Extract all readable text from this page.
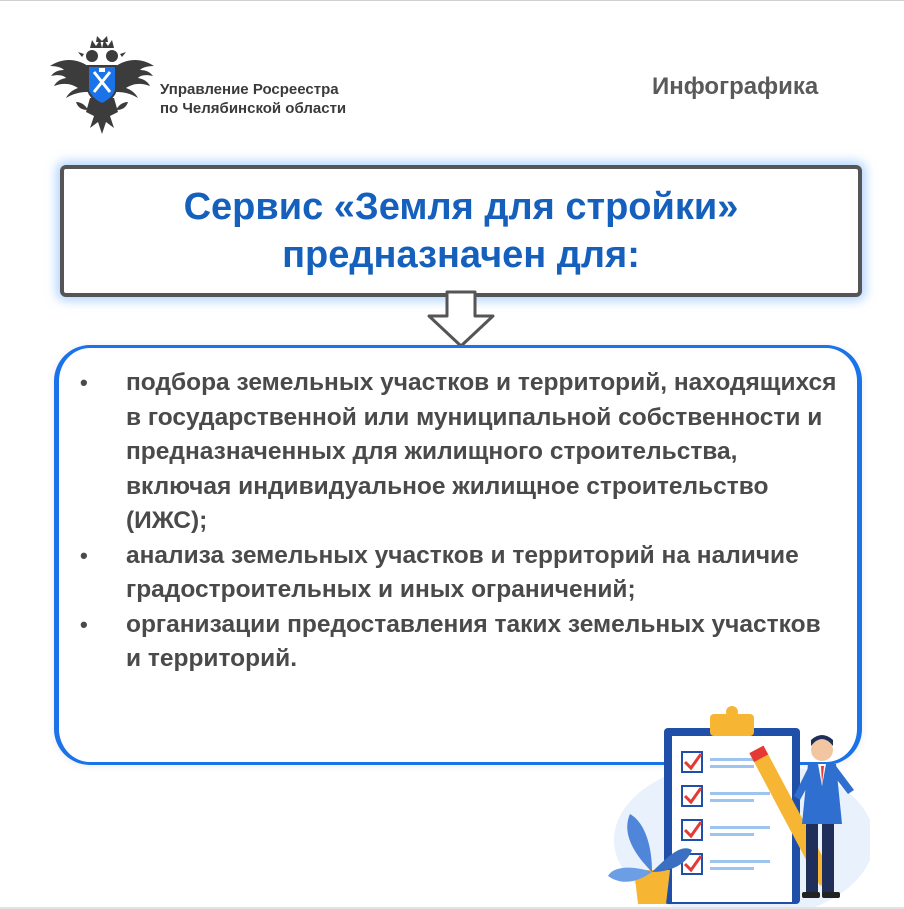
Управление Росреестра
по Челябинской области
Инфографика
Сервис «Земля для стройки»
предназначен для:
•	подбора земельных участков и территорий, находящихся в государственной или муниципальной собственности и предназначенных для жилищного строительства, включая индивидуальное жилищное строительство (ИЖС);
•	анализа земельных участков и территорий на наличие градостроительных и иных ограничений;
•	организации предоставления таких земельных участков и территорий.
